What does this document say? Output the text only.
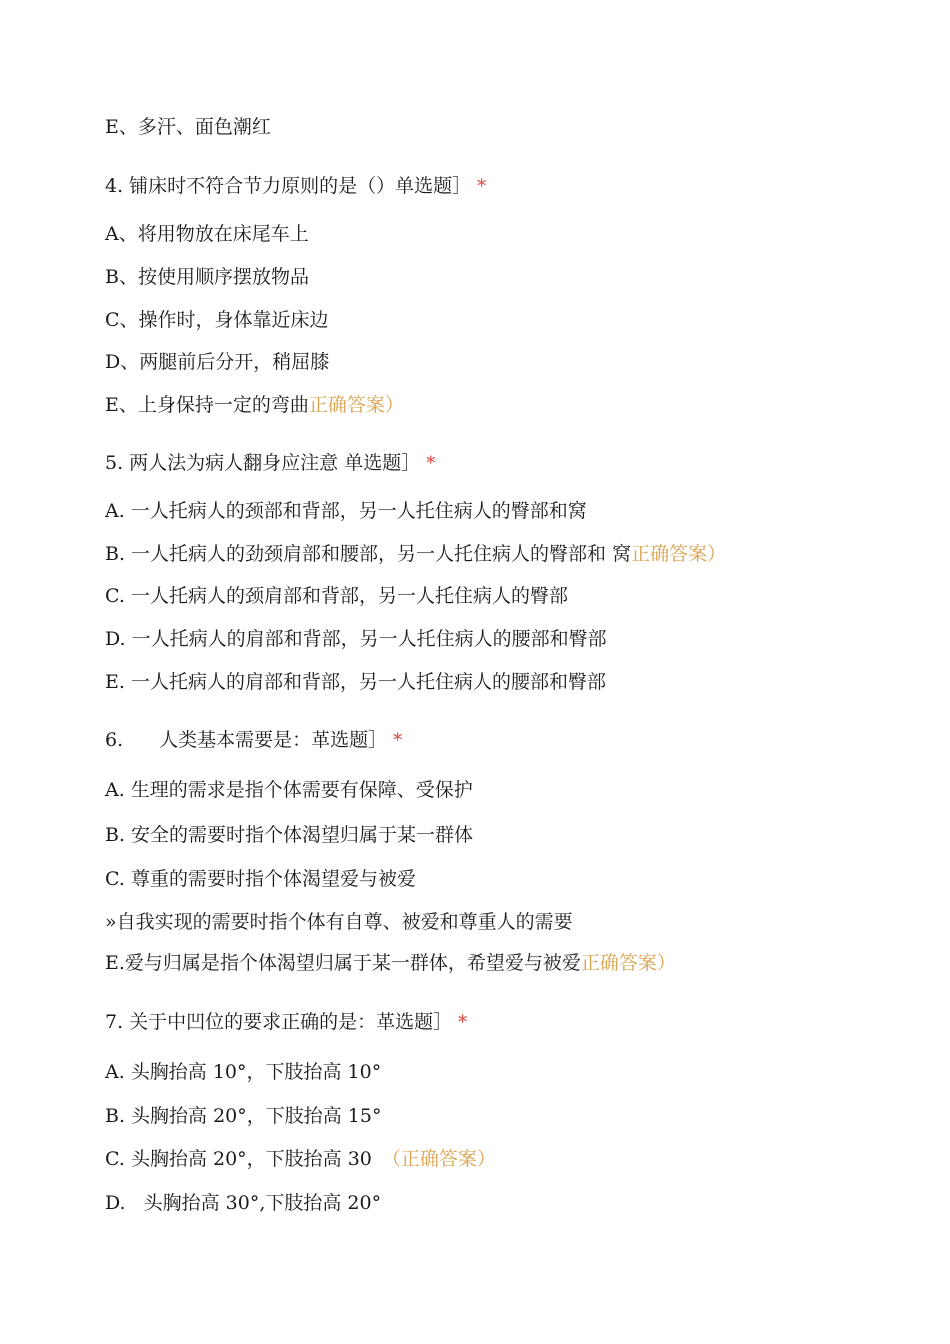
E、多汗、面色潮红
4. 铺床时不符合节力原则的是（）单选题］ *
A、将用物放在床尾车上
B、按使用顺序摆放物品
C、操作时，身体靠近床边
D、两腿前后分开，稍屈膝
E、上身保持一定的弯曲正确答案）
5. 两人法为病人翻身应注意 单选题］ *
A. 一人托病人的颈部和背部，另一人托住病人的臀部和窝
B. 一人托病人的劲颈肩部和腰部，另一人托住病人的臀部和 窝正确答案）
C. 一人托病人的颈肩部和背部，另一人托住病人的臀部
D. 一人托病人的肩部和背部，另一人托住病人的腰部和臀部
E. 一人托病人的肩部和背部，另一人托住病人的腰部和臀部
6. 人类基本需要是：革选题］ *
A. 生理的需求是指个体需要有保障、受保护
B. 安全的需要时指个体渴望归属于某一群体
C. 尊重的需要时指个体渴望爱与被爱
»自我实现的需要时指个体有自尊、被爱和尊重人的需要
E.爱与归属是指个体渴望归属于某一群体，希望爱与被爱正确答案）
7. 关于中凹位的要求正确的是：革选题］ *
A. 头胸抬高 10°，下肢抬高 10°
B. 头胸抬高 20°，下肢抬高 15°
C. 头胸抬高 20°，下肢抬高 30 （正确答案）
D. 头胸抬高 30°,下肢抬高 20°
